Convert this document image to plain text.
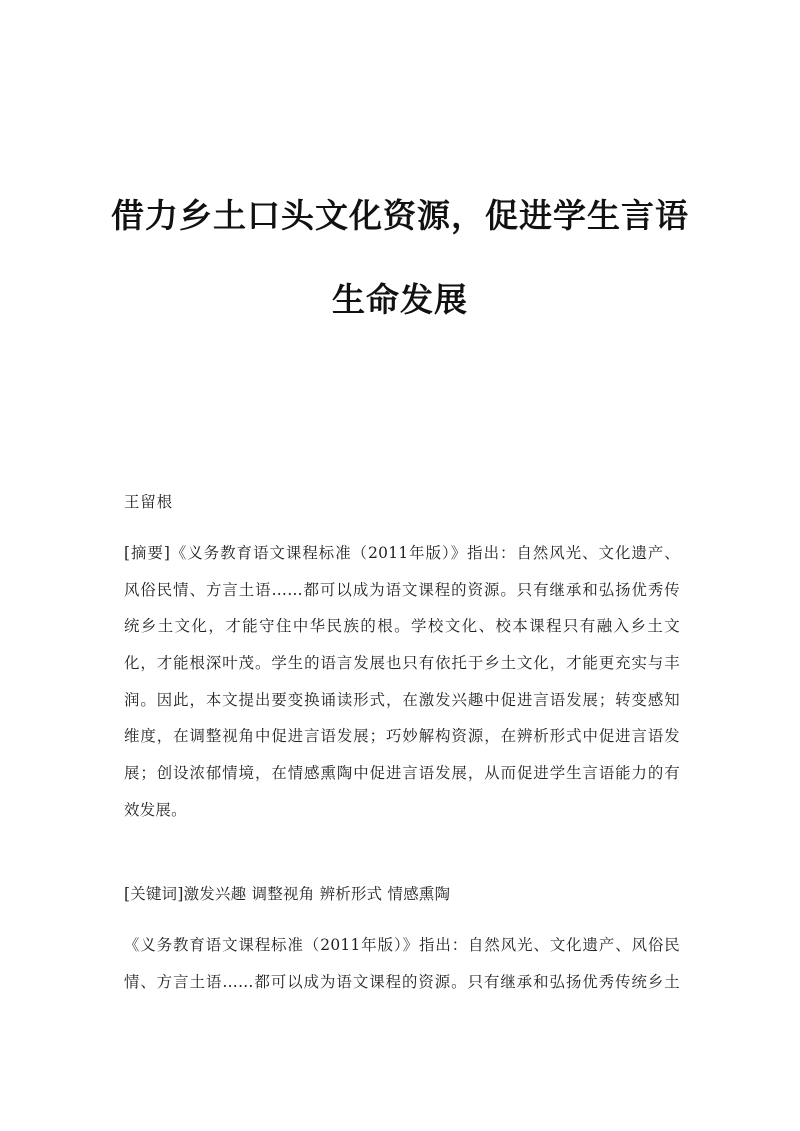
借力乡土口头文化资源，促进学生言语
生命发展
王留根
[摘要]《义务教育语文课程标准（2011年版）》指出：自然风光、文化遗产、
风俗民情、方言土语……都可以成为语文课程的资源。只有继承和弘扬优秀传
统乡土文化，才能守住中华民族的根。学校文化、校本课程只有融入乡土文
化，才能根深叶茂。学生的语言发展也只有依托于乡土文化，才能更充实与丰
润。因此，本文提出要变换诵读形式，在激发兴趣中促进言语发展；转变感知
维度，在调整视角中促进言语发展；巧妙解构资源，在辨析形式中促进言语发
展；创设浓郁情境，在情感熏陶中促进言语发展，从而促进学生言语能力的有
效发展。
[关键词]激发兴趣 调整视角 辨析形式 情感熏陶
《义务教育语文课程标准（2011年版）》指出：自然风光、文化遗产、风俗民
情、方言土语……都可以成为语文课程的资源。只有继承和弘扬优秀传统乡土
